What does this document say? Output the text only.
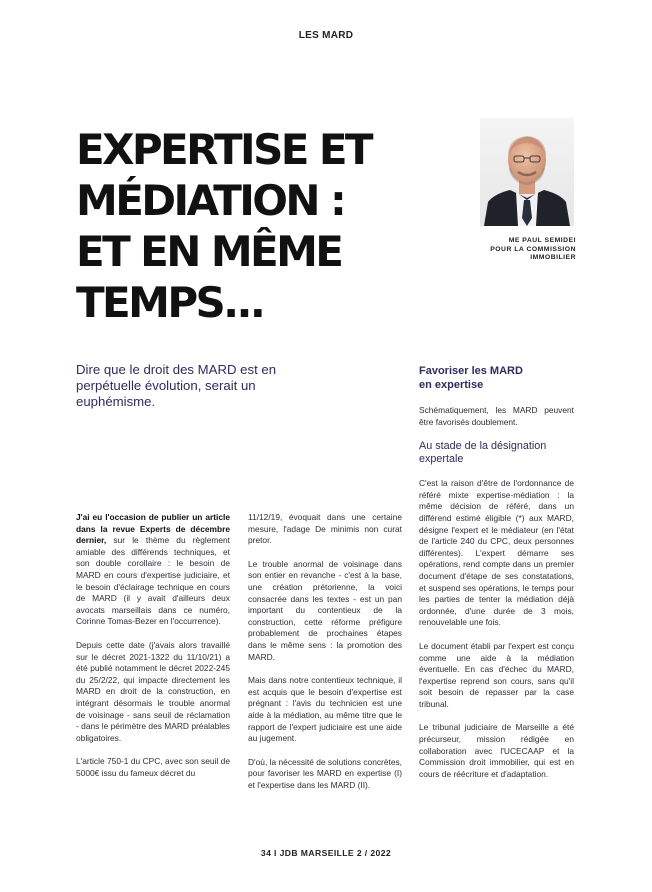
LES MARD
EXPERTISE ET
MÉDIATION :
ET EN MÊME
TEMPS...
ME PAUL SEMIDEI
POUR LA COMMISSION
IMMOBILIER

Dire que le droit des MARD est en perpétuelle évolution, serait un euphémisme.

Favoriser les MARD
en expertise

J'ai eu l'occasion de publier un article dans la revue Experts de décembre dernier, sur le thème du règlement amiable des différends techniques, et son double corollaire : le besoin de MARD en cours d'expertise judiciaire, et le besoin d'éclairage technique en cours de MARD (il y avait d'ailleurs deux avocats marseillais dans ce numéro, Corinne Tomas-Bezer en l'occurrence).

Depuis cette date (j'avais alors travaillé sur le décret 2021-1322 du 11/10/21) a été publié notamment le décret 2022-245 du 25/2/22, qui impacte directement les MARD en droit de la construction, en intégrant désormais le trouble anormal de voisinage - sans seuil de réclamation - dans le périmètre des MARD préalables obligatoires.

L'article 750-1 du CPC, avec son seuil de 5000€ issu du fameux décret du

11/12/19, évoquait dans une certaine mesure, l'adage De minimis non curat pretor.

Le trouble anormal de voisinage dans son entier en revanche - c'est à la base, une création prétorienne, la voici consacrée dans les textes - est un pan important du contentieux de la construction, cette réforme préfigure probablement de prochaines étapes dans le même sens : la promotion des MARD.

Mais dans notre contentieux technique, il est acquis que le besoin d'expertise est prégnant : l'avis du technicien est une aide à la médiation, au même titre que le rapport de l'expert judiciaire est une aide au jugement.

D'où, la nécessité de solutions concrètes, pour favoriser les MARD en expertise (I) et l'expertise dans les MARD (II).

Schématiquement, les MARD peuvent être favorisés doublement.

Au stade de la désignation expertale

C'est la raison d'être de l'ordonnance de référé mixte expertise-médiation : la même décision de référé, dans un différend estimé éligible (*) aux MARD, désigne l'expert et le médiateur (en l'état de l'article 240 du CPC, deux personnes différentes). L'expert démarre ses opérations, rend compte dans un premier document d'étape de ses constatations, et suspend ses opérations, le temps pour les parties de tenter la médiation déjà ordonnée, d'une durée de 3 mois, renouvelable une fois.

Le document établi par l'expert est conçu comme une aide à la médiation éventuelle. En cas d'échec du MARD, l'expertise reprend son cours, sans qu'il soit besoin de repasser par la case tribunal.

Le tribunal judiciaire de Marseille a été précurseur, mission rédigée en collaboration avec l'UCECAAP et la Commission droit immobilier, qui est en cours de réécriture et d'adaptation.

34 I JDB MARSEILLE 2 / 2022
